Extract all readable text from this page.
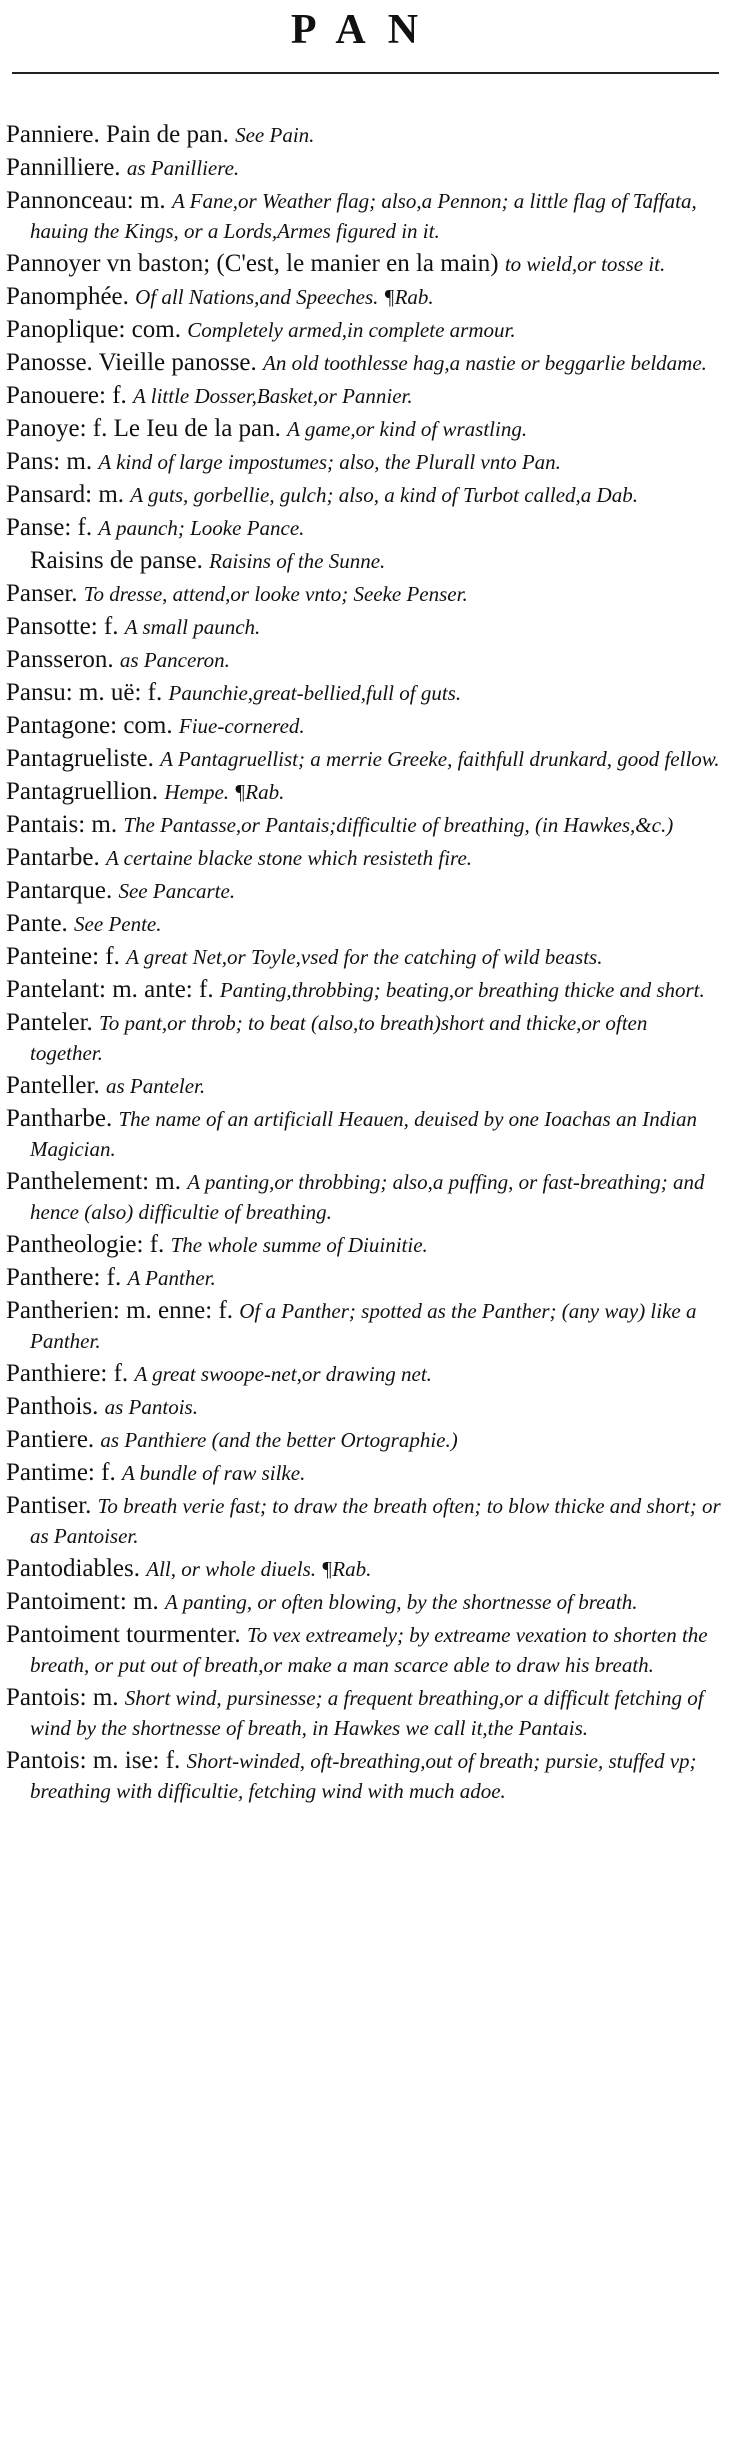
PAN
Panniere. Pain de pan. See Pain.
Pannilliere. as Panilliere.
Pannonceau: m. A Fane,or Weather flag; also,a Pennon; a little flag of Taffata, hauing the Kings, or a Lords,Armes figured in it.
Pannoyer vn baston; (C'est, le manier en la main) to wield,or tosse it.
Panomphée. Of all Nations,and Speeches. ¶Rab.
Panoplique: com. Completely armed,in complete armour.
Panosse. Vieille panosse. An old toothlesse hag,a nastie or beggarlie beldame.
Panouere: f. A little Dosser,Basket,or Pannier.
Panoye: f. Le Ieu de la pan. A game,or kind of wrastling.
Pans: m. A kind of large impostumes; also, the Plurall vnto Pan.
Pansard: m. A guts, gorbellie, gulch; also, a kind of Turbot called,a Dab.
Panse: f. A paunch; Looke Pance.
Raisins de panse. Raisins of the Sunne.
Panser. To dresse, attend,or looke vnto; Seeke Penser.
Pansotte: f. A small paunch.
Pansseron. as Panceron.
Pansu: m. uë: f. Paunchie,great-bellied,full of guts.
Pantagone: com. Fiue-cornered.
Pantagrueliste. A Pantagruellist; a merrie Greeke, faithfull drunkard, good fellow.
Pantagruellion. Hempe. ¶Rab.
Pantais: m. The Pantasse,or Pantais;difficultie of breathing, (in Hawkes,&c.)
Pantarbe. A certaine blacke stone which resisteth fire.
Pantarque. See Pancarte.
Pante. See Pente.
Panteine: f. A great Net,or Toyle,vsed for the catching of wild beasts.
Pantelant: m. ante: f. Panting,throbbing; beating,or breathing thicke and short.
Panteler. To pant,or throb; to beat (also,to breath)short and thicke,or often together.
Panteller. as Panteler.
Pantharbe. The name of an artificiall Heauen, deuised by one Ioachas an Indian Magician.
Panthelement: m. A panting,or throbbing; also,a puffing, or fast-breathing; and hence (also) difficultie of breathing.
Pantheologie: f. The whole summe of Diuinitie.
Panthere: f. A Panther.
Pantherien: m. enne: f. Of a Panther; spotted as the Panther; (any way) like a Panther.
Panthiere: f. A great swoope-net,or drawing net.
Panthois. as Pantois.
Pantiere. as Panthiere (and the better Ortographie.)
Pantime: f. A bundle of raw silke.
Pantiser. To breath verie fast; to draw the breath often; to blow thicke and short; or as Pantoiser.
Pantodiables. All, or whole diuels. ¶Rab.
Pantoiment: m. A panting, or often blowing, by the shortnesse of breath.
Pantoiment tourmenter. To vex extreamely; by extreame vexation to shorten the breath, or put out of breath,or make a man scarce able to draw his breath.
Pantois: m. Short wind, pursinesse; a frequent breathing,or a difficult fetching of wind by the shortnesse of breath, in Hawkes we call it,the Pantais.
Pantois: m. ise: f. Short-winded, oft-breathing,out of breath; pursie, stuffed vp; breathing with difficultie, fetching wind with much adoe.
